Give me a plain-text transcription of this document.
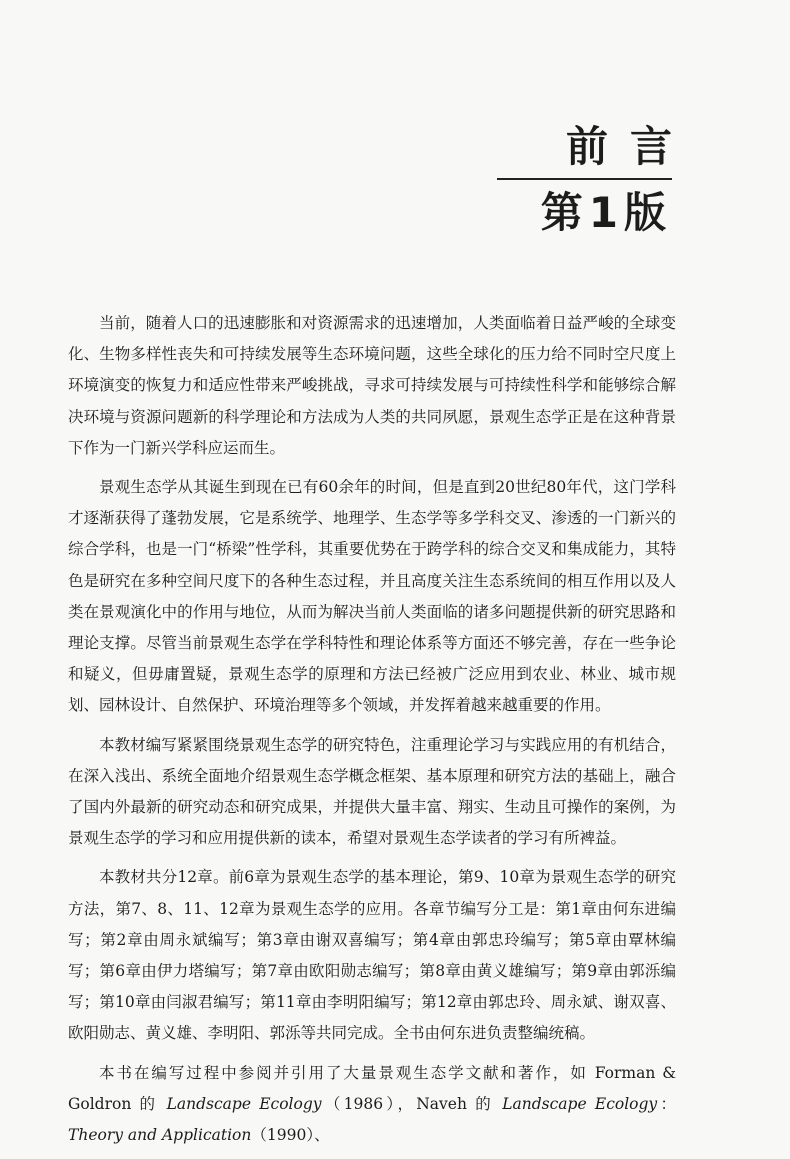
前言
第1版

当前，随着人口的迅速膨胀和对资源需求的迅速增加，人类面临着日益严峻的全球变化、生物多样性丧失和可持续发展等生态环境问题，这些全球化的压力给不同时空尺度上环境演变的恢复力和适应性带来严峻挑战，寻求可持续发展与可持续性科学和能够综合解决环境与资源问题新的科学理论和方法成为人类的共同夙愿，景观生态学正是在这种背景下作为一门新兴学科应运而生。

景观生态学从其诞生到现在已有60余年的时间，但是直到20世纪80年代，这门学科才逐渐获得了蓬勃发展，它是系统学、地理学、生态学等多学科交叉、渗透的一门新兴的综合学科，也是一门“桥梁”性学科，其重要优势在于跨学科的综合交叉和集成能力，其特色是研究在多种空间尺度下的各种生态过程，并且高度关注生态系统间的相互作用以及人类在景观演化中的作用与地位，从而为解决当前人类面临的诸多问题提供新的研究思路和理论支撑。尽管当前景观生态学在学科特性和理论体系等方面还不够完善，存在一些争论和疑义，但毋庸置疑，景观生态学的原理和方法已经被广泛应用到农业、林业、城市规划、园林设计、自然保护、环境治理等多个领域，并发挥着越来越重要的作用。

本教材编写紧紧围绕景观生态学的研究特色，注重理论学习与实践应用的有机结合，在深入浅出、系统全面地介绍景观生态学概念框架、基本原理和研究方法的基础上，融合了国内外最新的研究动态和研究成果，并提供大量丰富、翔实、生动且可操作的案例，为景观生态学的学习和应用提供新的读本，希望对景观生态学读者的学习有所裨益。

本教材共分12章。前6章为景观生态学的基本理论，第9、10章为景观生态学的研究方法，第7、8、11、12章为景观生态学的应用。各章节编写分工是：第1章由何东进编写；第2章由周永斌编写；第3章由谢双喜编写；第4章由郭忠玲编写；第5章由覃林编写；第6章由伊力塔编写；第7章由欧阳勋志编写；第8章由黄义雄编写；第9章由郭泺编写；第10章由闫淑君编写；第11章由李明阳编写；第12章由郭忠玲、周永斌、谢双喜、欧阳勋志、黄义雄、李明阳、郭泺等共同完成。全书由何东进负责整编统稿。

本书在编写过程中参阅并引用了大量景观生态学文献和著作，如 Forman & Goldron 的 Landscape Ecology（1986），Naveh 的 Landscape Ecology：Theory and Application（1990）、
